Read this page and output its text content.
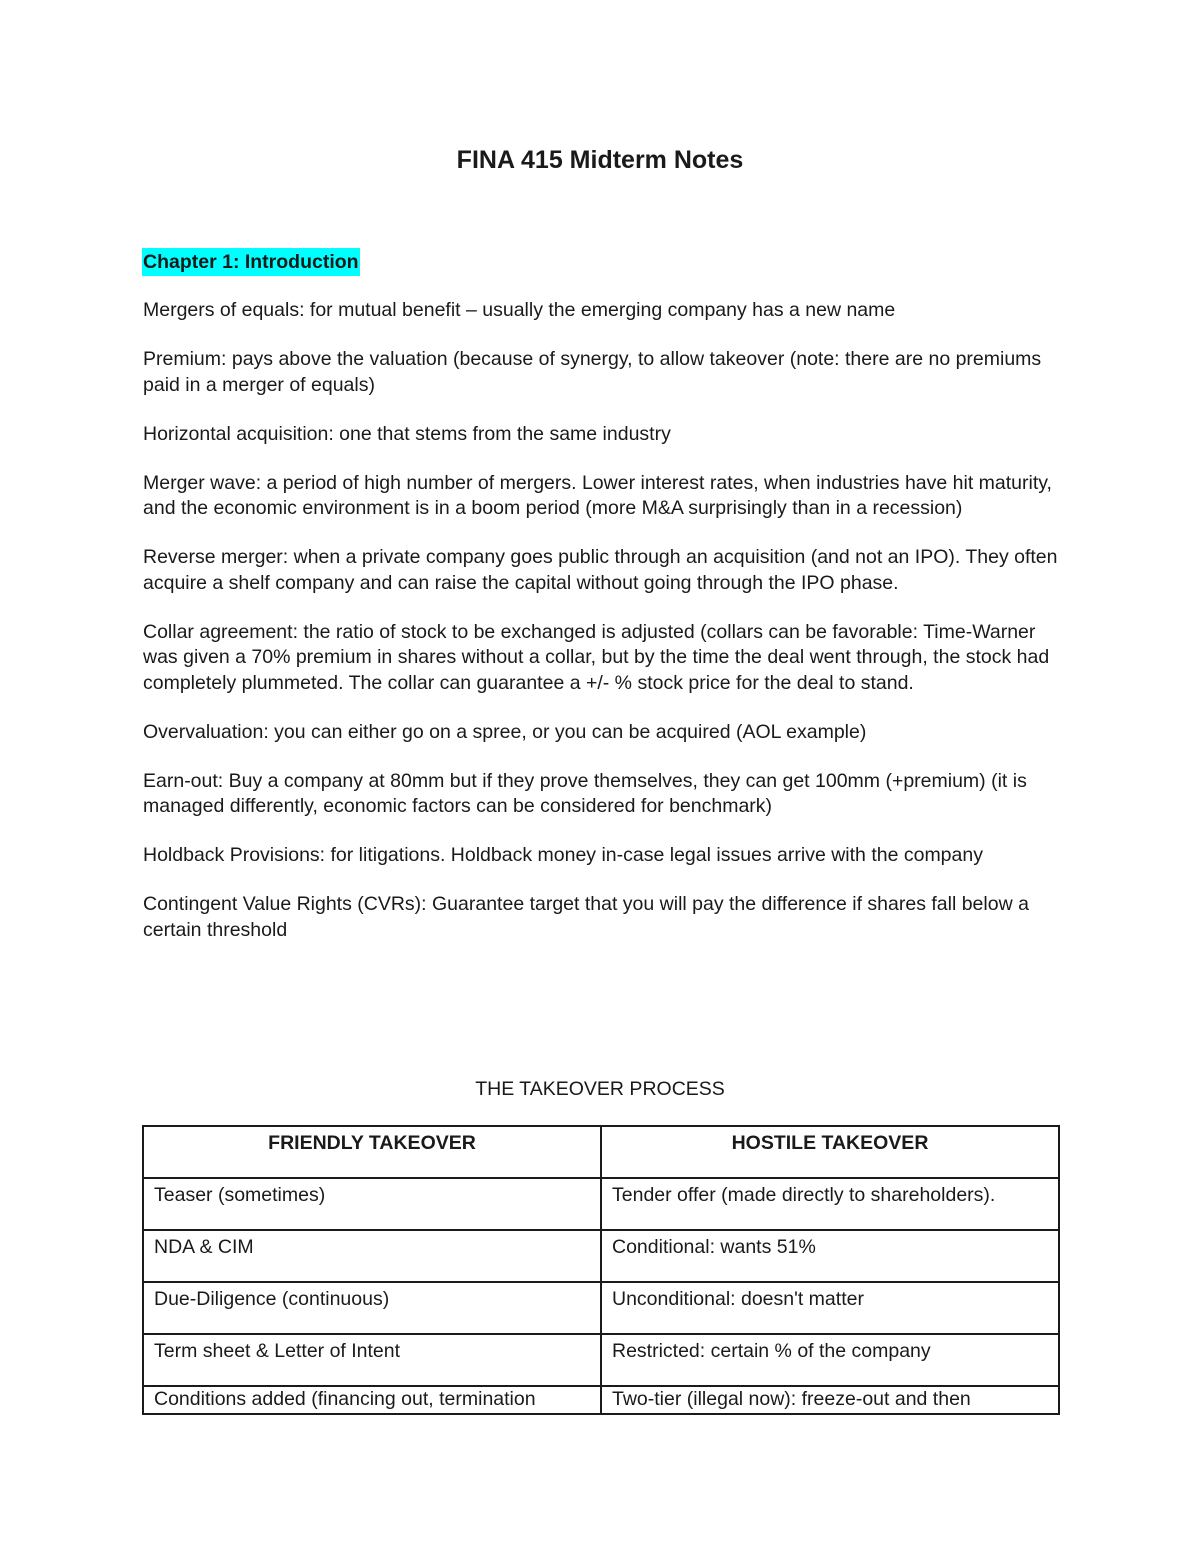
FINA 415 Midterm Notes
Chapter 1: Introduction

Mergers of equals: for mutual benefit – usually the emerging company has a new name

Premium: pays above the valuation (because of synergy, to allow takeover (note: there are no premiums paid in a merger of equals)

Horizontal acquisition: one that stems from the same industry

Merger wave: a period of high number of mergers. Lower interest rates, when industries have hit maturity, and the economic environment is in a boom period (more M&A surprisingly than in a recession)

Reverse merger: when a private company goes public through an acquisition (and not an IPO). They often acquire a shelf company and can raise the capital without going through the IPO phase.

Collar agreement: the ratio of stock to be exchanged is adjusted (collars can be favorable: Time-Warner was given a 70% premium in shares without a collar, but by the time the deal went through, the stock had completely plummeted. The collar can guarantee a +/- % stock price for the deal to stand.

Overvaluation: you can either go on a spree, or you can be acquired (AOL example)

Earn-out: Buy a company at 80mm but if they prove themselves, they can get 100mm (+premium) (it is managed differently, economic factors can be considered for benchmark)

Holdback Provisions: for litigations. Holdback money in-case legal issues arrive with the company

Contingent Value Rights (CVRs): Guarantee target that you will pay the difference if shares fall below a certain threshold

THE TAKEOVER PROCESS
FRIENDLY TAKEOVER	HOSTILE TAKEOVER
Teaser (sometimes)	Tender offer (made directly to shareholders).
NDA & CIM	Conditional: wants 51%
Due-Diligence (continuous)	Unconditional: doesn't matter
Term sheet & Letter of Intent	Restricted: certain % of the company
Conditions added (financing out, termination	Two-tier (illegal now): freeze-out and then
